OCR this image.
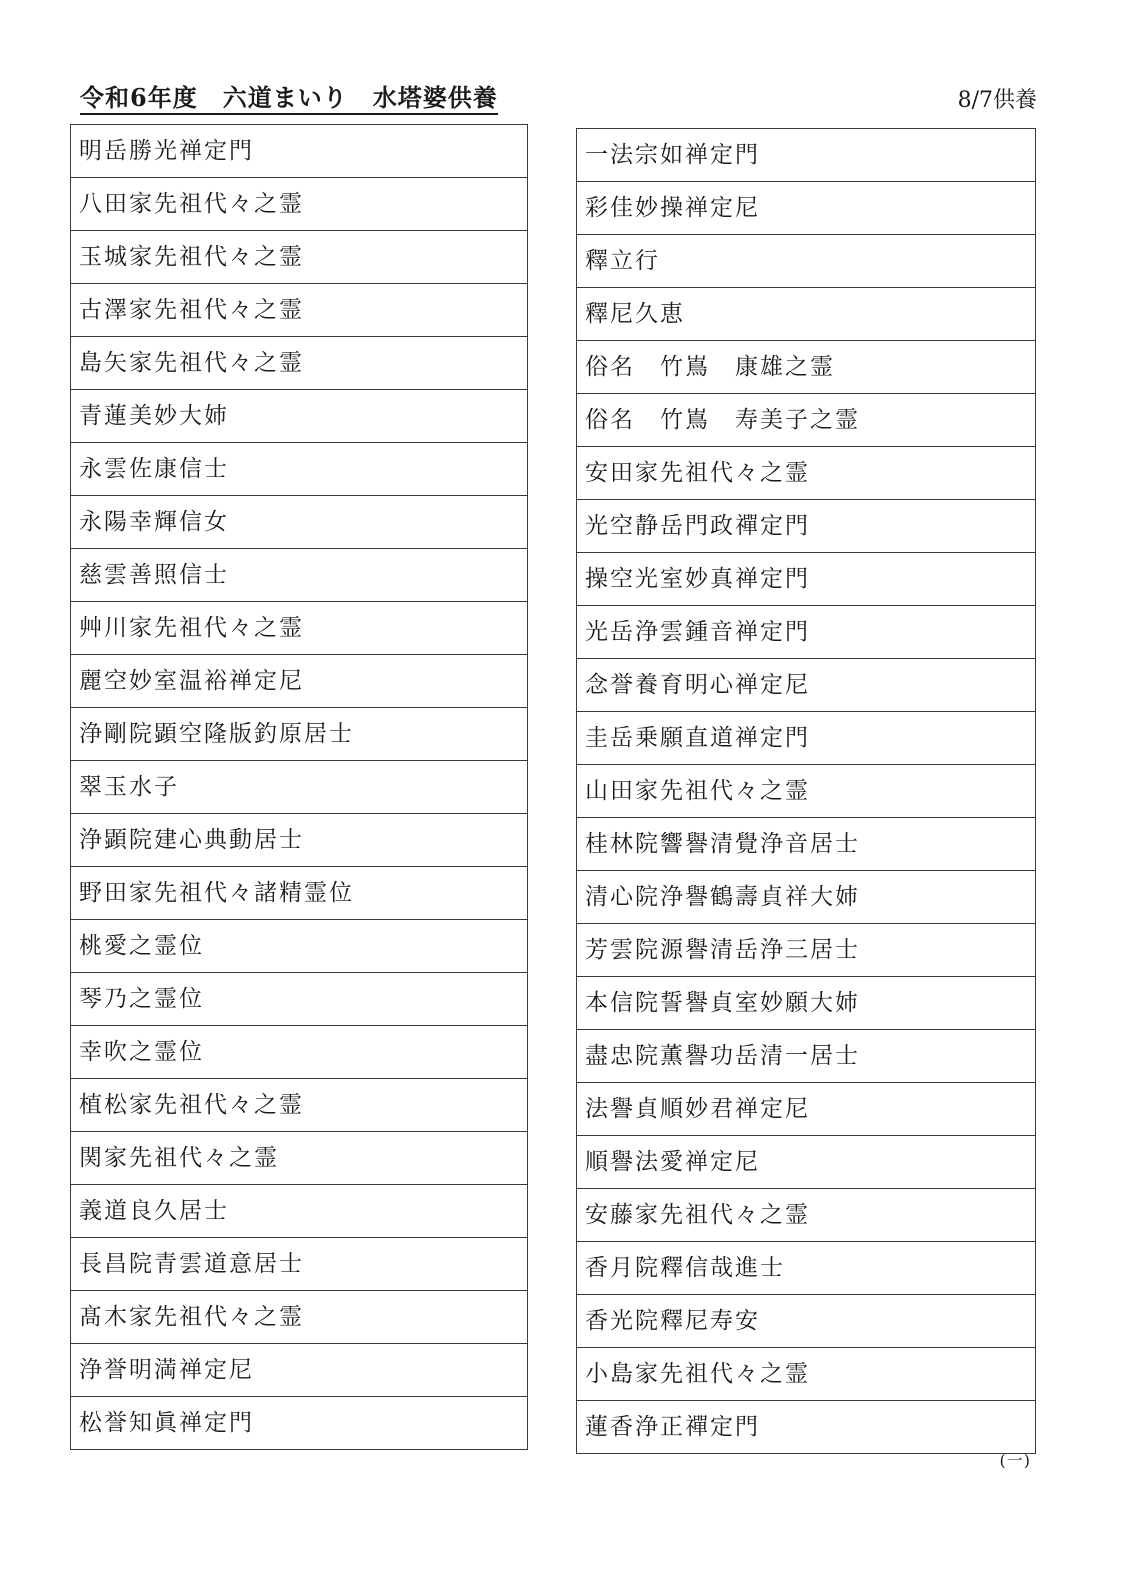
令和6年度　六道まいり　水塔婆供養	8/7供養
明岳勝光禅定門
八田家先祖代々之霊
玉城家先祖代々之霊
古澤家先祖代々之霊
島矢家先祖代々之霊
青蓮美妙大姉
永雲佐康信士
永陽幸輝信女
慈雲善照信士
艸川家先祖代々之霊
麗空妙室温裕禅定尼
浄剛院顕空隆版釣原居士
翠玉水子
浄顕院建心典動居士
野田家先祖代々諸精霊位
桃愛之霊位
琴乃之霊位
幸吹之霊位
植松家先祖代々之霊
関家先祖代々之霊
義道良久居士
長昌院青雲道意居士
髙木家先祖代々之霊
浄誉明満禅定尼
松誉知眞禅定門
一法宗如禅定門
彩佳妙操禅定尼
釋立行
釋尼久恵
俗名　竹嶌　康雄之霊
俗名　竹嶌　寿美子之霊
安田家先祖代々之霊
光空静岳門政禪定門
操空光室妙真禅定門
光岳浄雲鍾音禅定門
念誉養育明心禅定尼
圭岳乗願直道禅定門
山田家先祖代々之霊
桂林院響譽清覺浄音居士
清心院浄譽鶴壽貞祥大姉
芳雲院源譽清岳浄三居士
本信院誓譽貞室妙願大姉
盡忠院薫譽功岳清一居士
法譽貞順妙君禅定尼
順譽法愛禅定尼
安藤家先祖代々之霊
香月院釋信哉進士
香光院釋尼寿安
小島家先祖代々之霊
蓮香浄正禪定門
(一)
